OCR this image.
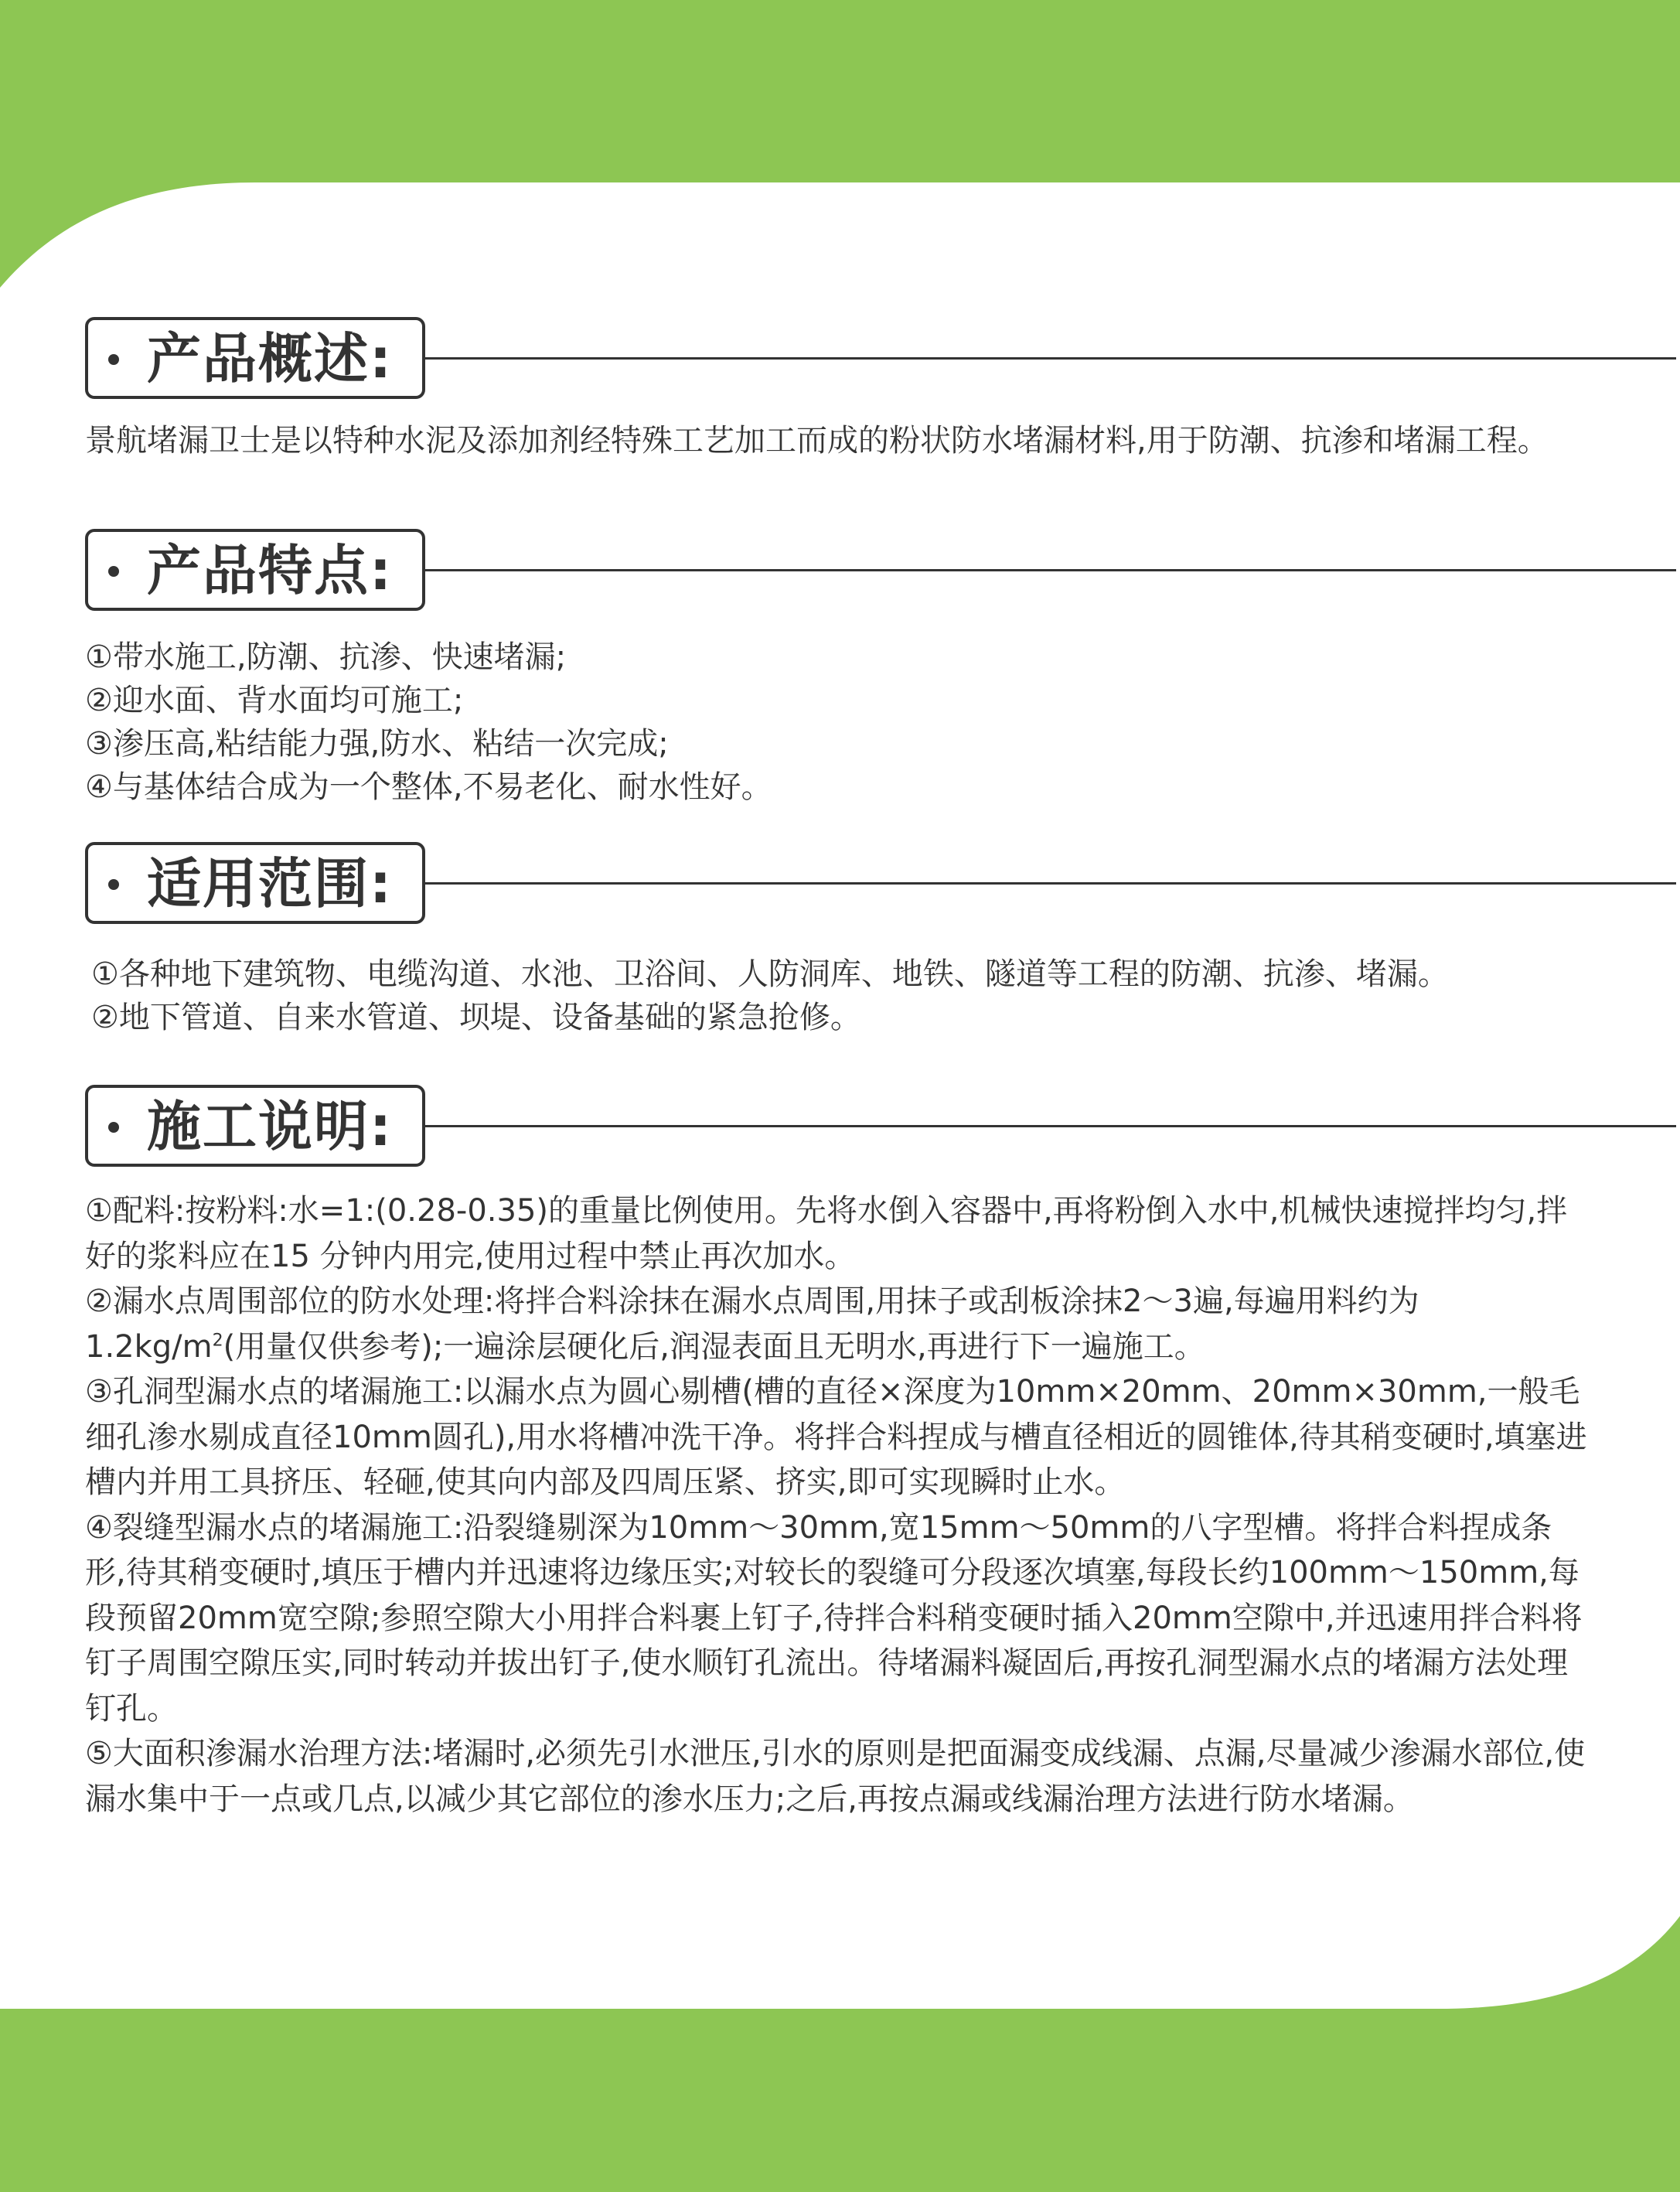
产品概述:

景航堵漏卫士是以特种水泥及添加剂经特殊工艺加工而成的粉状防水堵漏材料,用于防潮、抗渗和堵漏工程。

产品特点:
①带水施工,防潮、抗渗、快速堵漏;
②迎水面、背水面均可施工;
③渗压高,粘结能力强,防水、粘结一次完成;
④与基体结合成为一个整体,不易老化、耐水性好。
适用范围:
①各种地下建筑物、电缆沟道、水池、卫浴间、人防洞库、地铁、隧道等工程的防潮、抗渗、堵漏。
②地下管道、自来水管道、坝堤、设备基础的紧急抢修。
施工说明:
①配料:按粉料:水=1:(0.28-0.35)的重量比例使用。先将水倒入容器中,再将粉倒入水中,机械快速搅拌均匀,拌好的浆料应在15 分钟内用完,使用过程中禁止再次加水。
②漏水点周围部位的防水处理:将拌合料涂抹在漏水点周围,用抹子或刮板涂抹2～3遍,每遍用料约为$1.2kg/m^2$(用量仅供参考);一遍涂层硬化后,润湿表面且无明水,再进行下一遍施工。
③孔洞型漏水点的堵漏施工:以漏水点为圆心剔槽(槽的直径×深度为10mm×20mm、20mm×30mm,一般毛细孔渗水剔成直径10mm圆孔),用水将槽冲洗干净。将拌合料捏成与槽直径相近的圆锥体,待其稍变硬时,填塞进槽内并用工具挤压、轻砸,使其向内部及四周压紧、挤实,即可实现瞬时止水。
④裂缝型漏水点的堵漏施工:沿裂缝剔深为10mm～30mm,宽15mm～50mm的八字型槽。将拌合料捏成条形,待其稍变硬时,填压于槽内并迅速将边缘压实;对较长的裂缝可分段逐次填塞,每段长约100mm～150mm,每段预留20mm宽空隙;参照空隙大小用拌合料裹上钉子,待拌合料稍变硬时插入20mm空隙中,并迅速用拌合料将钉子周围空隙压实,同时转动并拔出钉子,使水顺钉孔流出。待堵漏料凝固后,再按孔洞型漏水点的堵漏方法处理钉孔。
⑤大面积渗漏水治理方法:堵漏时,必须先引水泄压,引水的原则是把面漏变成线漏、点漏,尽量减少渗漏水部位,使漏水集中于一点或几点,以减少其它部位的渗水压力;之后,再按点漏或线漏治理方法进行防水堵漏。
